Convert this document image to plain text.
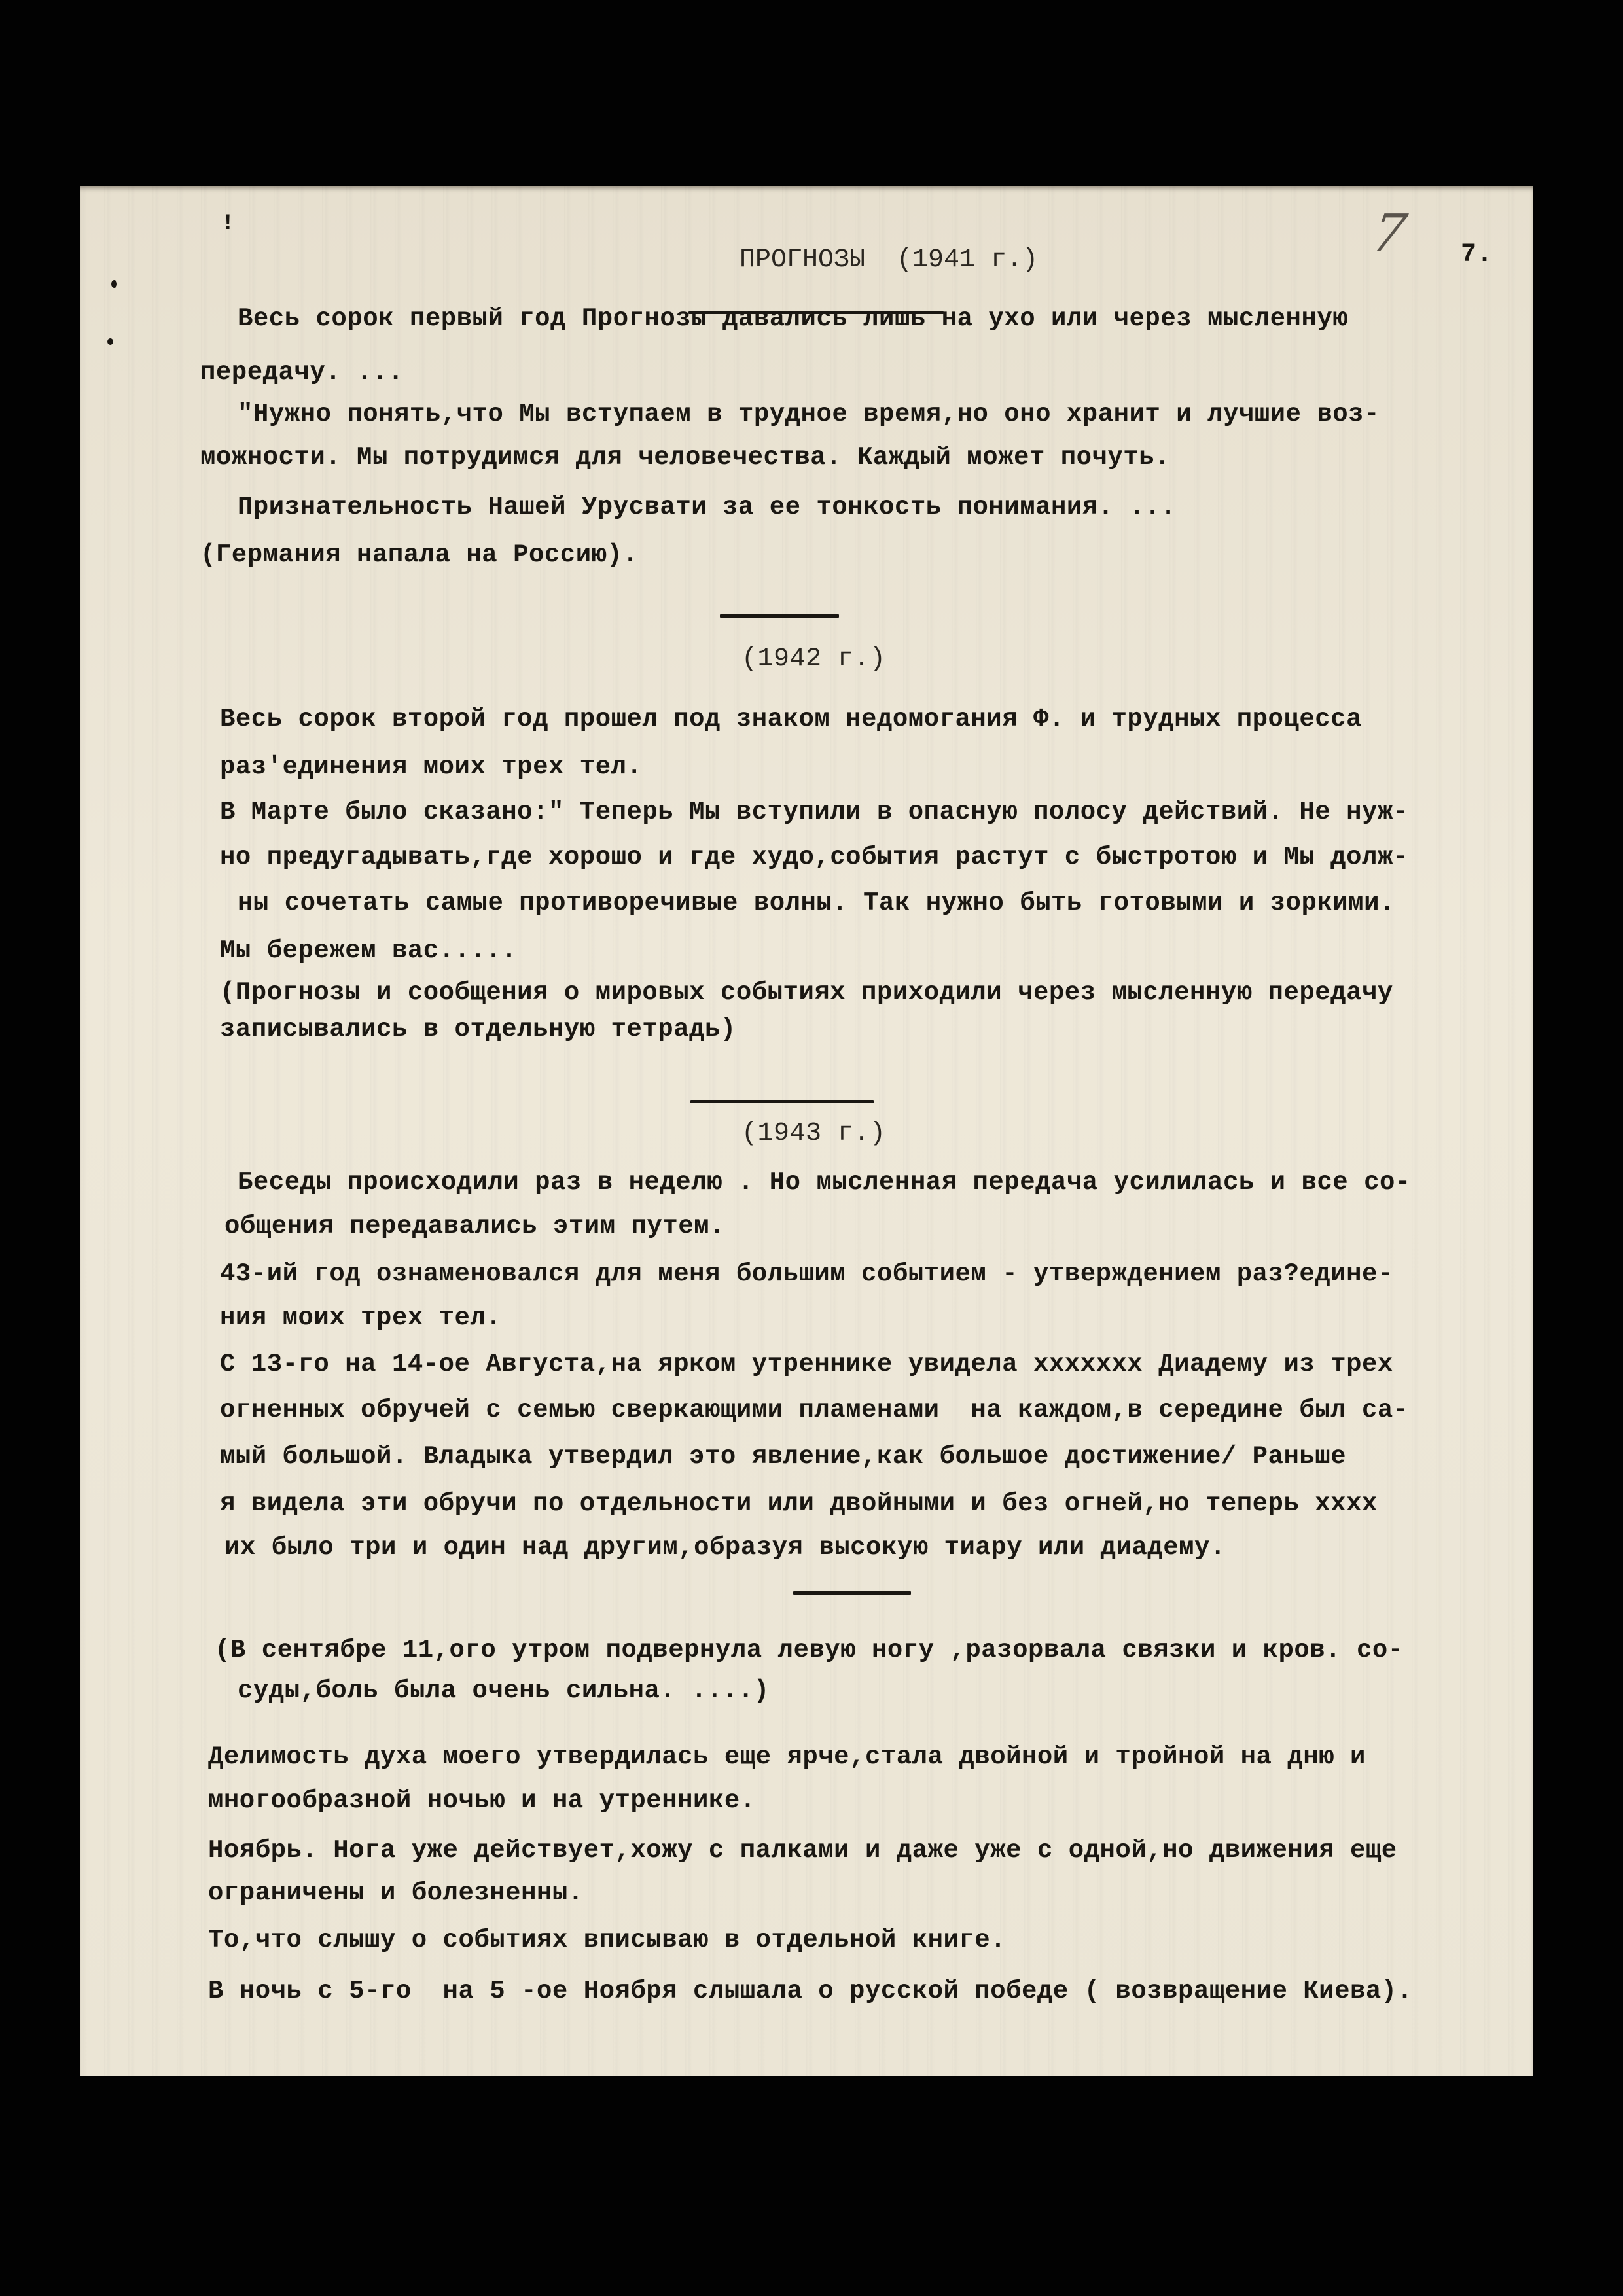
!	7 7.
ПРОГНОЗЫ  (1941 г.)
Весь сорок первый год Прогнозы давались лишь на ухо или через мысленную
передачу. ...
"Нужно понять,что Мы вступаем в трудное время,но оно хранит и лучшие воз-
можности. Мы потрудимся для человечества. Каждый может почуть.
Признательность Нашей Урусвати за ее тонкость понимания. ...
(Германия напала на Россию).
(1942 г.)
Весь сорок второй год прошел под знаком недомогания Ф. и трудных процесса
раз'единения моих трех тел.
В Марте было сказано:" Теперь Мы вступили в опасную полосу действий. Не нуж-
но предугадывать,где хорошо и где худо,события растут с быстротою и Мы долж-
ны сочетать самые противоречивые волны. Так нужно быть готовыми и зоркими.
Мы бережем вас.....
(Прогнозы и сообщения о мировых событиях приходили через мысленную передачу
записывались в отдельную тетрадь)
(1943 г.)
Беседы происходили раз в неделю . Но мысленная передача усилилась и все со-
общения передавались этим путем.
43-ий год ознаменовался для меня большим событием - утверждением раз?едине-
ния моих трех тел.
С 13-го на 14-ое Августа,на ярком утреннике увидела ххххххх Диадему из трех
огненных обручей с семью сверкающими пламенами  на каждом,в середине был са-
мый большой. Владыка утвердил это явление,как большое достижение/ Раньше
я видела эти обручи по отдельности или двойными и без огней,но теперь хххх
их было три и один над другим,образуя высокую тиару или диадему.
(В сентябре 11,ого утром подвернула левую ногу ,разорвала связки и кров. со-
суды,боль была очень сильна. ....)
Делимость духа моего утвердилась еще ярче,стала двойной и тройной на дню и
многообразной ночью и на утреннике.
Ноябрь. Нога уже действует,хожу с палками и даже уже с одной,но движения еще
ограничены и болезненны.
То,что слышу о событиях вписываю в отдельной книге.
В ночь с 5-го  на 5 -ое Ноября слышала о русской победе ( возвращение Киева).
